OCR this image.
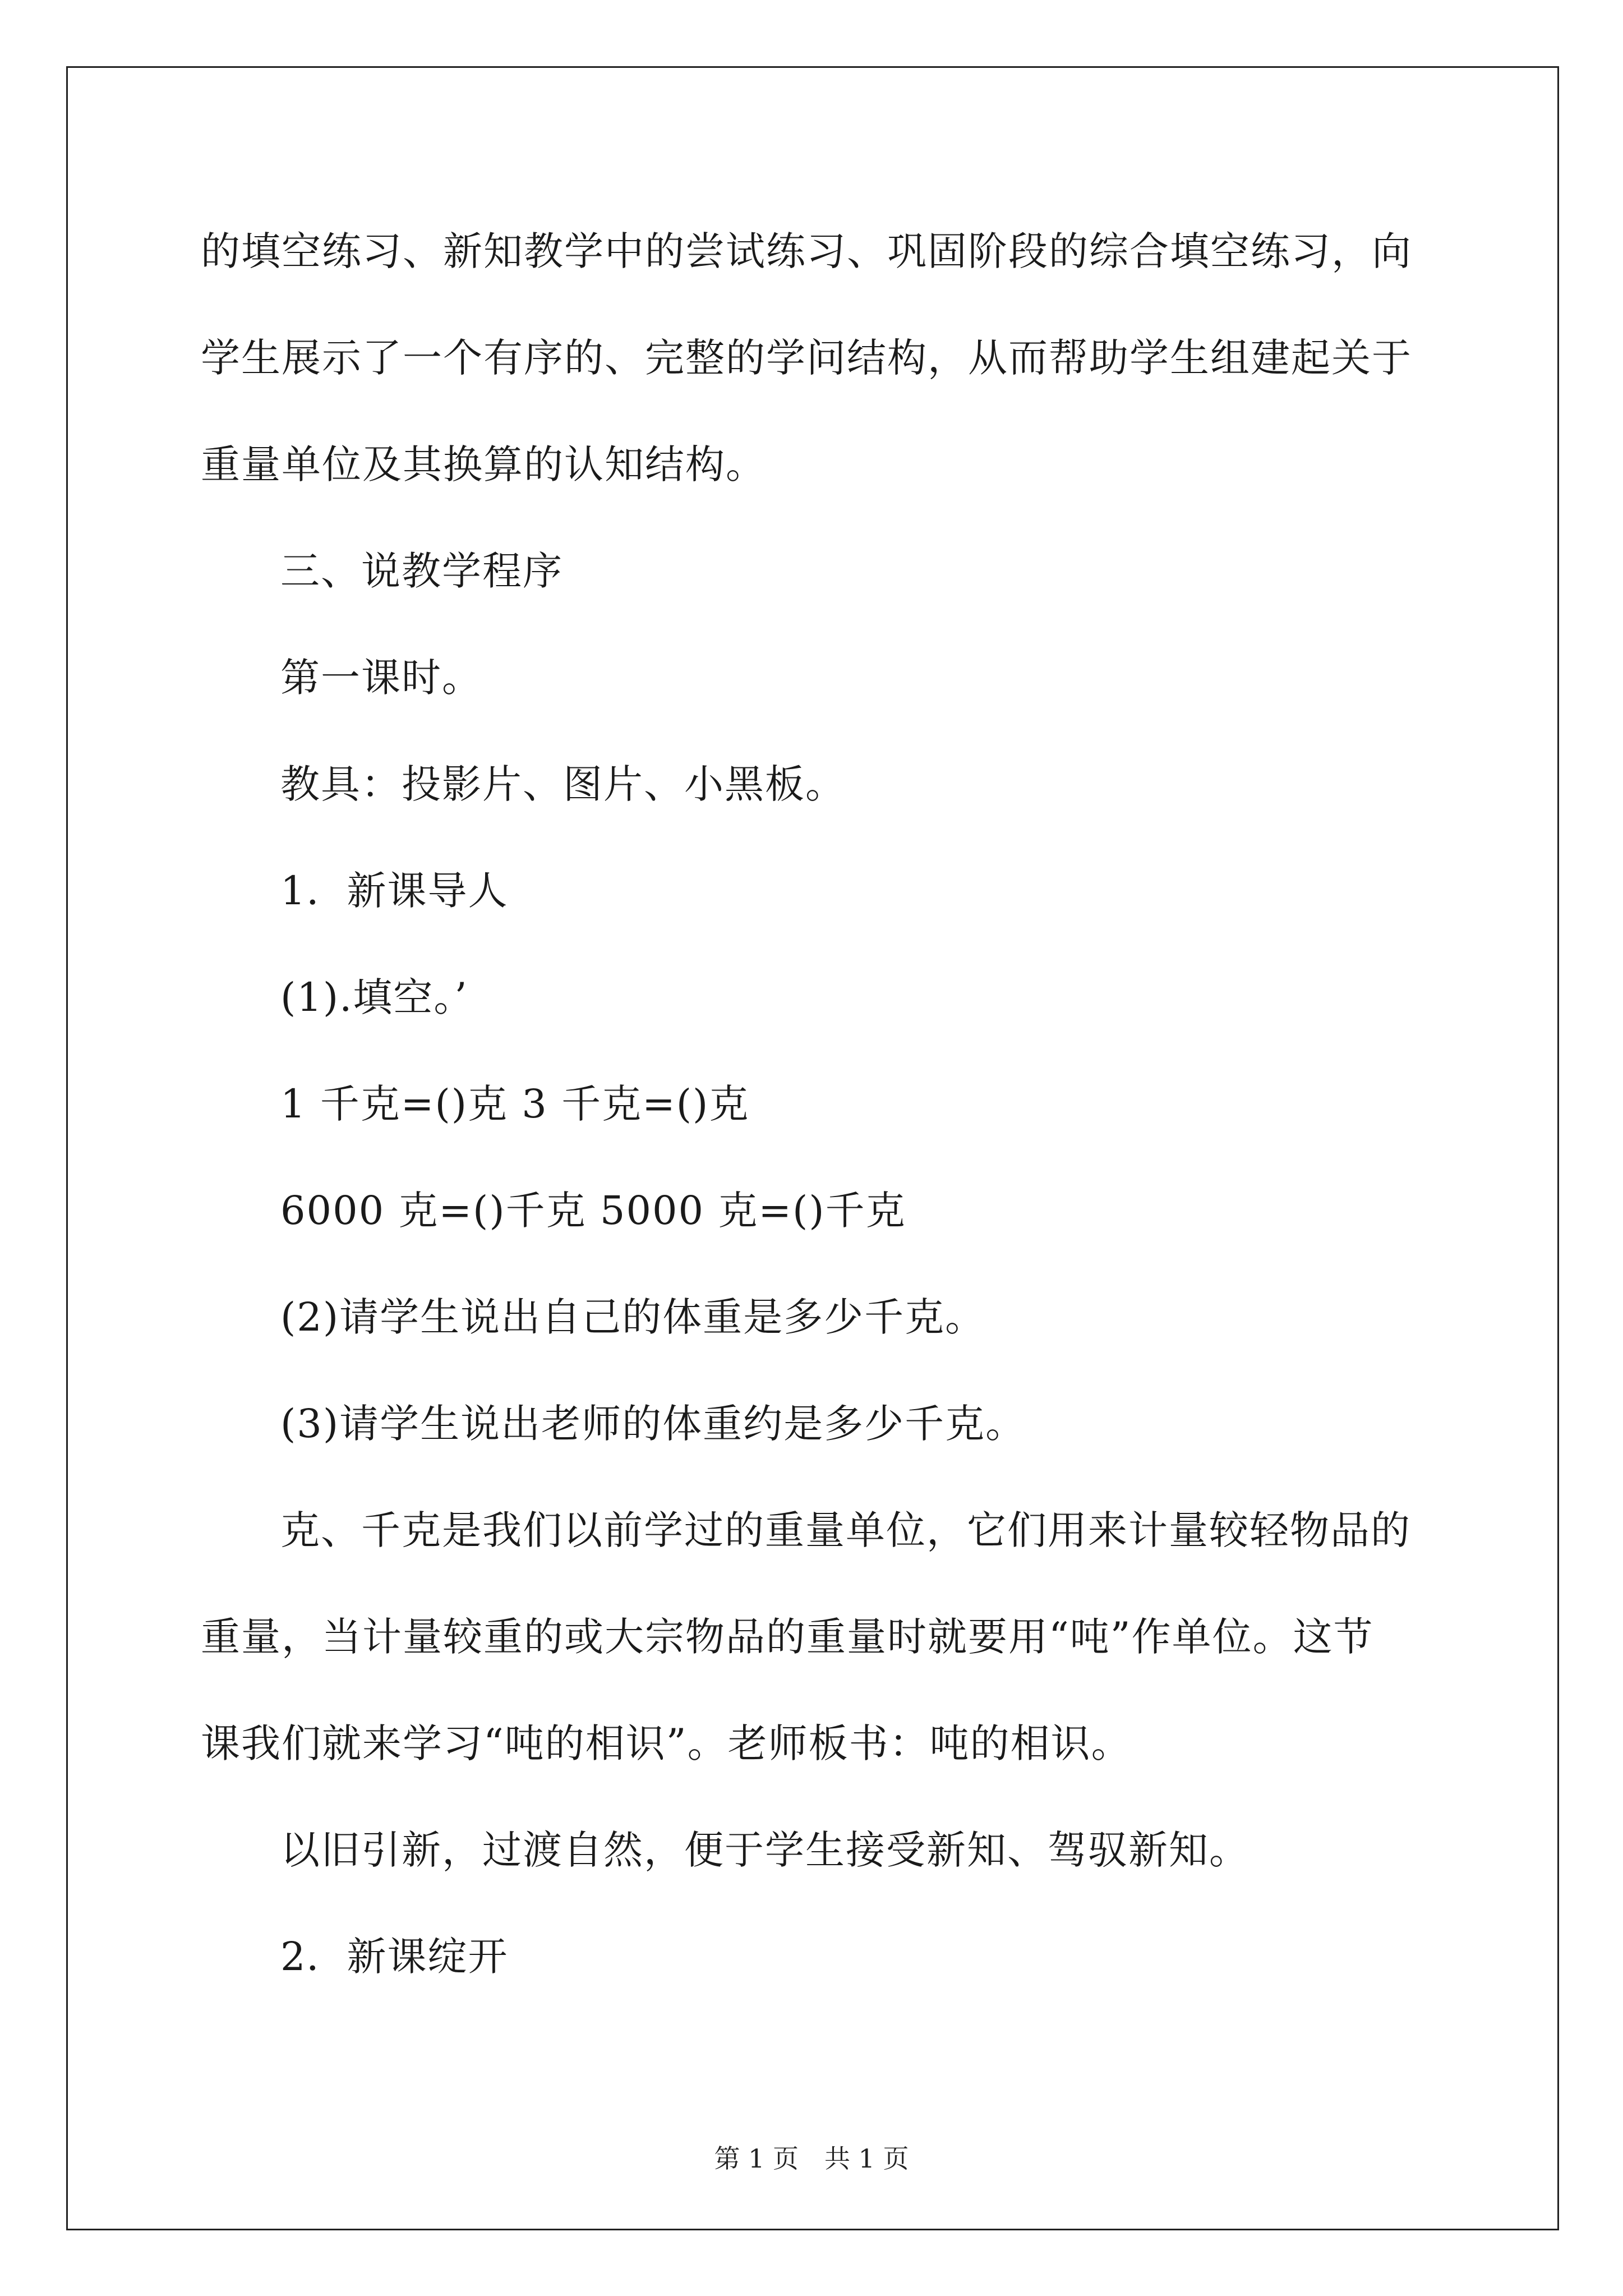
的填空练习、新知教学中的尝试练习、巩固阶段的综合填空练习，向
学生展示了一个有序的、完整的学问结构，从而帮助学生组建起关于
重量单位及其换算的认知结构。
三、说教学程序
第一课时。
教具：投影片、图片、小黑板。
1．新课导人
(1).填空。’
1 千克=()克 3 千克=()克
6000 克=()千克 5000 克=()千克
(2)请学生说出自己的体重是多少千克。
(3)请学生说出老师的体重约是多少千克。
克、千克是我们以前学过的重量单位，它们用来计量较轻物品的
重量，当计量较重的或大宗物品的重量时就要用“吨”作单位。这节
课我们就来学习“吨的相识”。老师板书：吨的相识。
以旧引新，过渡自然，便于学生接受新知、驾驭新知。
2．新课绽开
第 1 页　共 1 页
